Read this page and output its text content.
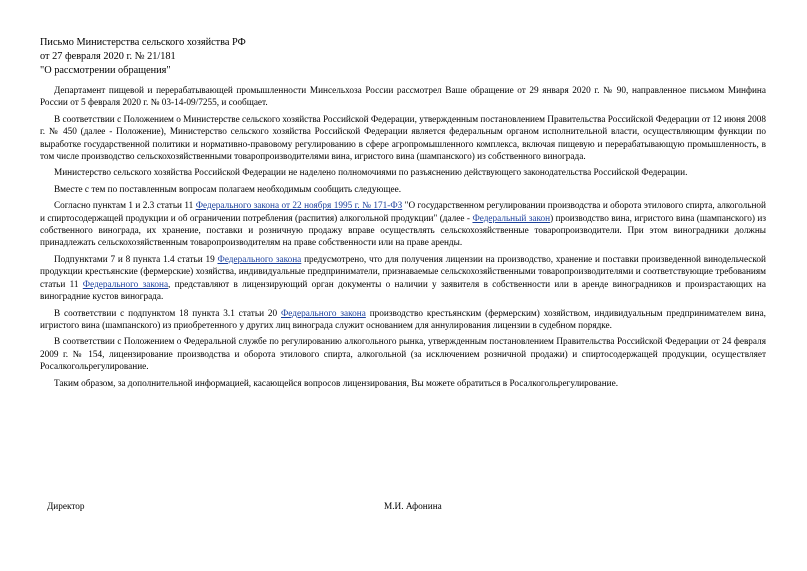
Письмо Министерства сельского хозяйства РФ

от 27 февраля 2020 г. № 21/181

"О рассмотрении обращения"

Департамент пищевой и перерабатывающей промышленности Минсельхоза России рассмотрел Ваше обращение от 29 января 2020 г. № 90, направленное письмом Минфина России от 5 февраля 2020 г. № 03-14-09/7255, и сообщает.

В соответствии с Положением о Министерстве сельского хозяйства Российской Федерации, утвержденным постановлением Правительства Российской Федерации от 12 июня 2008 г. № 450 (далее - Положение), Министерство сельского хозяйства Российской Федерации является федеральным органом исполнительной власти, осуществляющим функции по выработке государственной политики и нормативно-правовому регулированию в сфере агропромышленного комплекса, включая пищевую и перерабатывающую промышленность, в том числе производство сельскохозяйственными товаропроизводителями вина, игристого вина (шампанского) из собственного винограда.

Министерство сельского хозяйства Российской Федерации не наделено полномочиями по разъяснению действующего законодательства Российской Федерации.

Вместе с тем по поставленным вопросам полагаем необходимым сообщить следующее.

Согласно пунктам 1 и 2.3 статьи 11 Федерального закона от 22 ноября 1995 г. № 171-ФЗ "О государственном регулировании производства и оборота этилового спирта, алкогольной и спиртосодержащей продукции и об ограничении потребления (распития) алкогольной продукции" (далее - Федеральный закон) производство вина, игристого вина (шампанского) из собственного винограда, их хранение, поставки и розничную продажу вправе осуществлять сельскохозяйственные товаропроизводители. При этом виноградники должны принадлежать сельскохозяйственным товаропроизводителям на праве собственности или на праве аренды.

Подпунктами 7 и 8 пункта 1.4 статьи 19 Федерального закона предусмотрено, что для получения лицензии на производство, хранение и поставки произведенной винодельческой продукции крестьянские (фермерские) хозяйства, индивидуальные предприниматели, признаваемые сельскохозяйственными товаропроизводителями и соответствующие требованиям статьи 11 Федерального закона, представляют в лицензирующий орган документы о наличии у заявителя в собственности или в аренде виноградников и произрастающих на виноградние кустов винограда.

В соответствии с подпунктом 18 пункта 3.1 статьи 20 Федерального закона производство крестьянским (фермерским) хозяйством, индивидуальным предпринимателем вина, игристого вина (шампанского) из приобретенного у других лиц винограда служит основанием для аннулирования лицензии в судебном порядке.

В соответствии с Положением о Федеральной службе по регулированию алкогольного рынка, утвержденным постановлением Правительства Российской Федерации от 24 февраля 2009 г. № 154, лицензирование производства и оборота этилового спирта, алкогольной (за исключением розничной продажи) и спиртосодержащей продукции, осуществляет Росалкогольрегулирование.

Таким образом, за дополнительной информацией, касающейся вопросов лицензирования, Вы можете обратиться в Росалкогольрегулирование.

Директор	М.И. Афонина
